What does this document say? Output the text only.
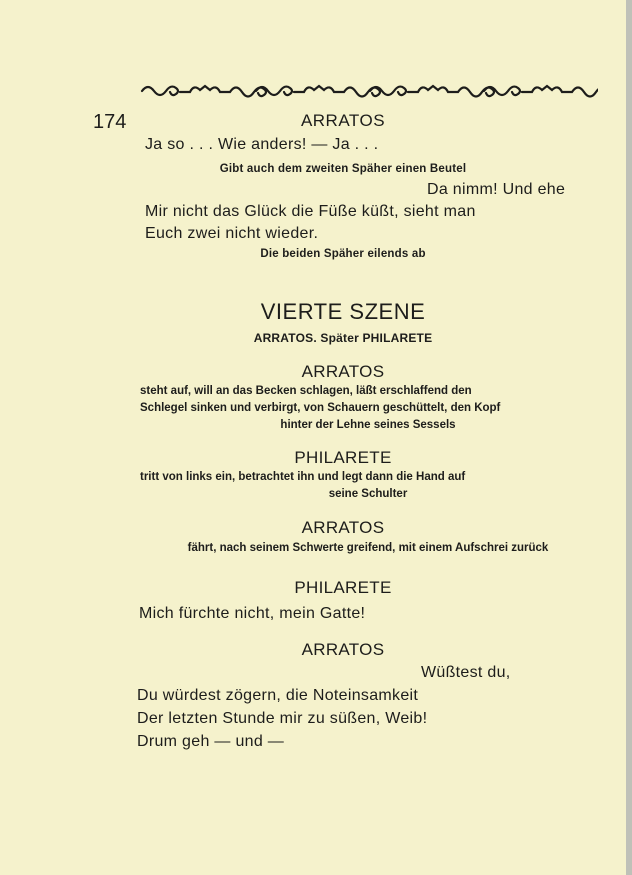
174	ARRATOS
Ja so . . . Wie anders! — Ja . . .
Gibt auch dem zweiten Späher einen Beutel
Da nimm! Und ehe
Mir nicht das Glück die Füße küßt, sieht man
Euch zwei nicht wieder.
Die beiden Späher eilends ab
VIERTE SZENE
ARRATOS. Später PHILARETE
ARRATOS
steht auf, will an das Becken schlagen, läßt erschlaffend den
Schlegel sinken und verbirgt, von Schauern geschüttelt, den Kopf
hinter der Lehne seines Sessels
PHILARETE
tritt von links ein, betrachtet ihn und legt dann die Hand auf
seine Schulter
ARRATOS
fährt, nach seinem Schwerte greifend, mit einem Aufschrei zurück
PHILARETE
Mich fürchte nicht, mein Gatte!
ARRATOS
Wüßtest du,
Du würdest zögern, die Noteinsamkeit
Der letzten Stunde mir zu süßen, Weib!
Drum geh — und —
